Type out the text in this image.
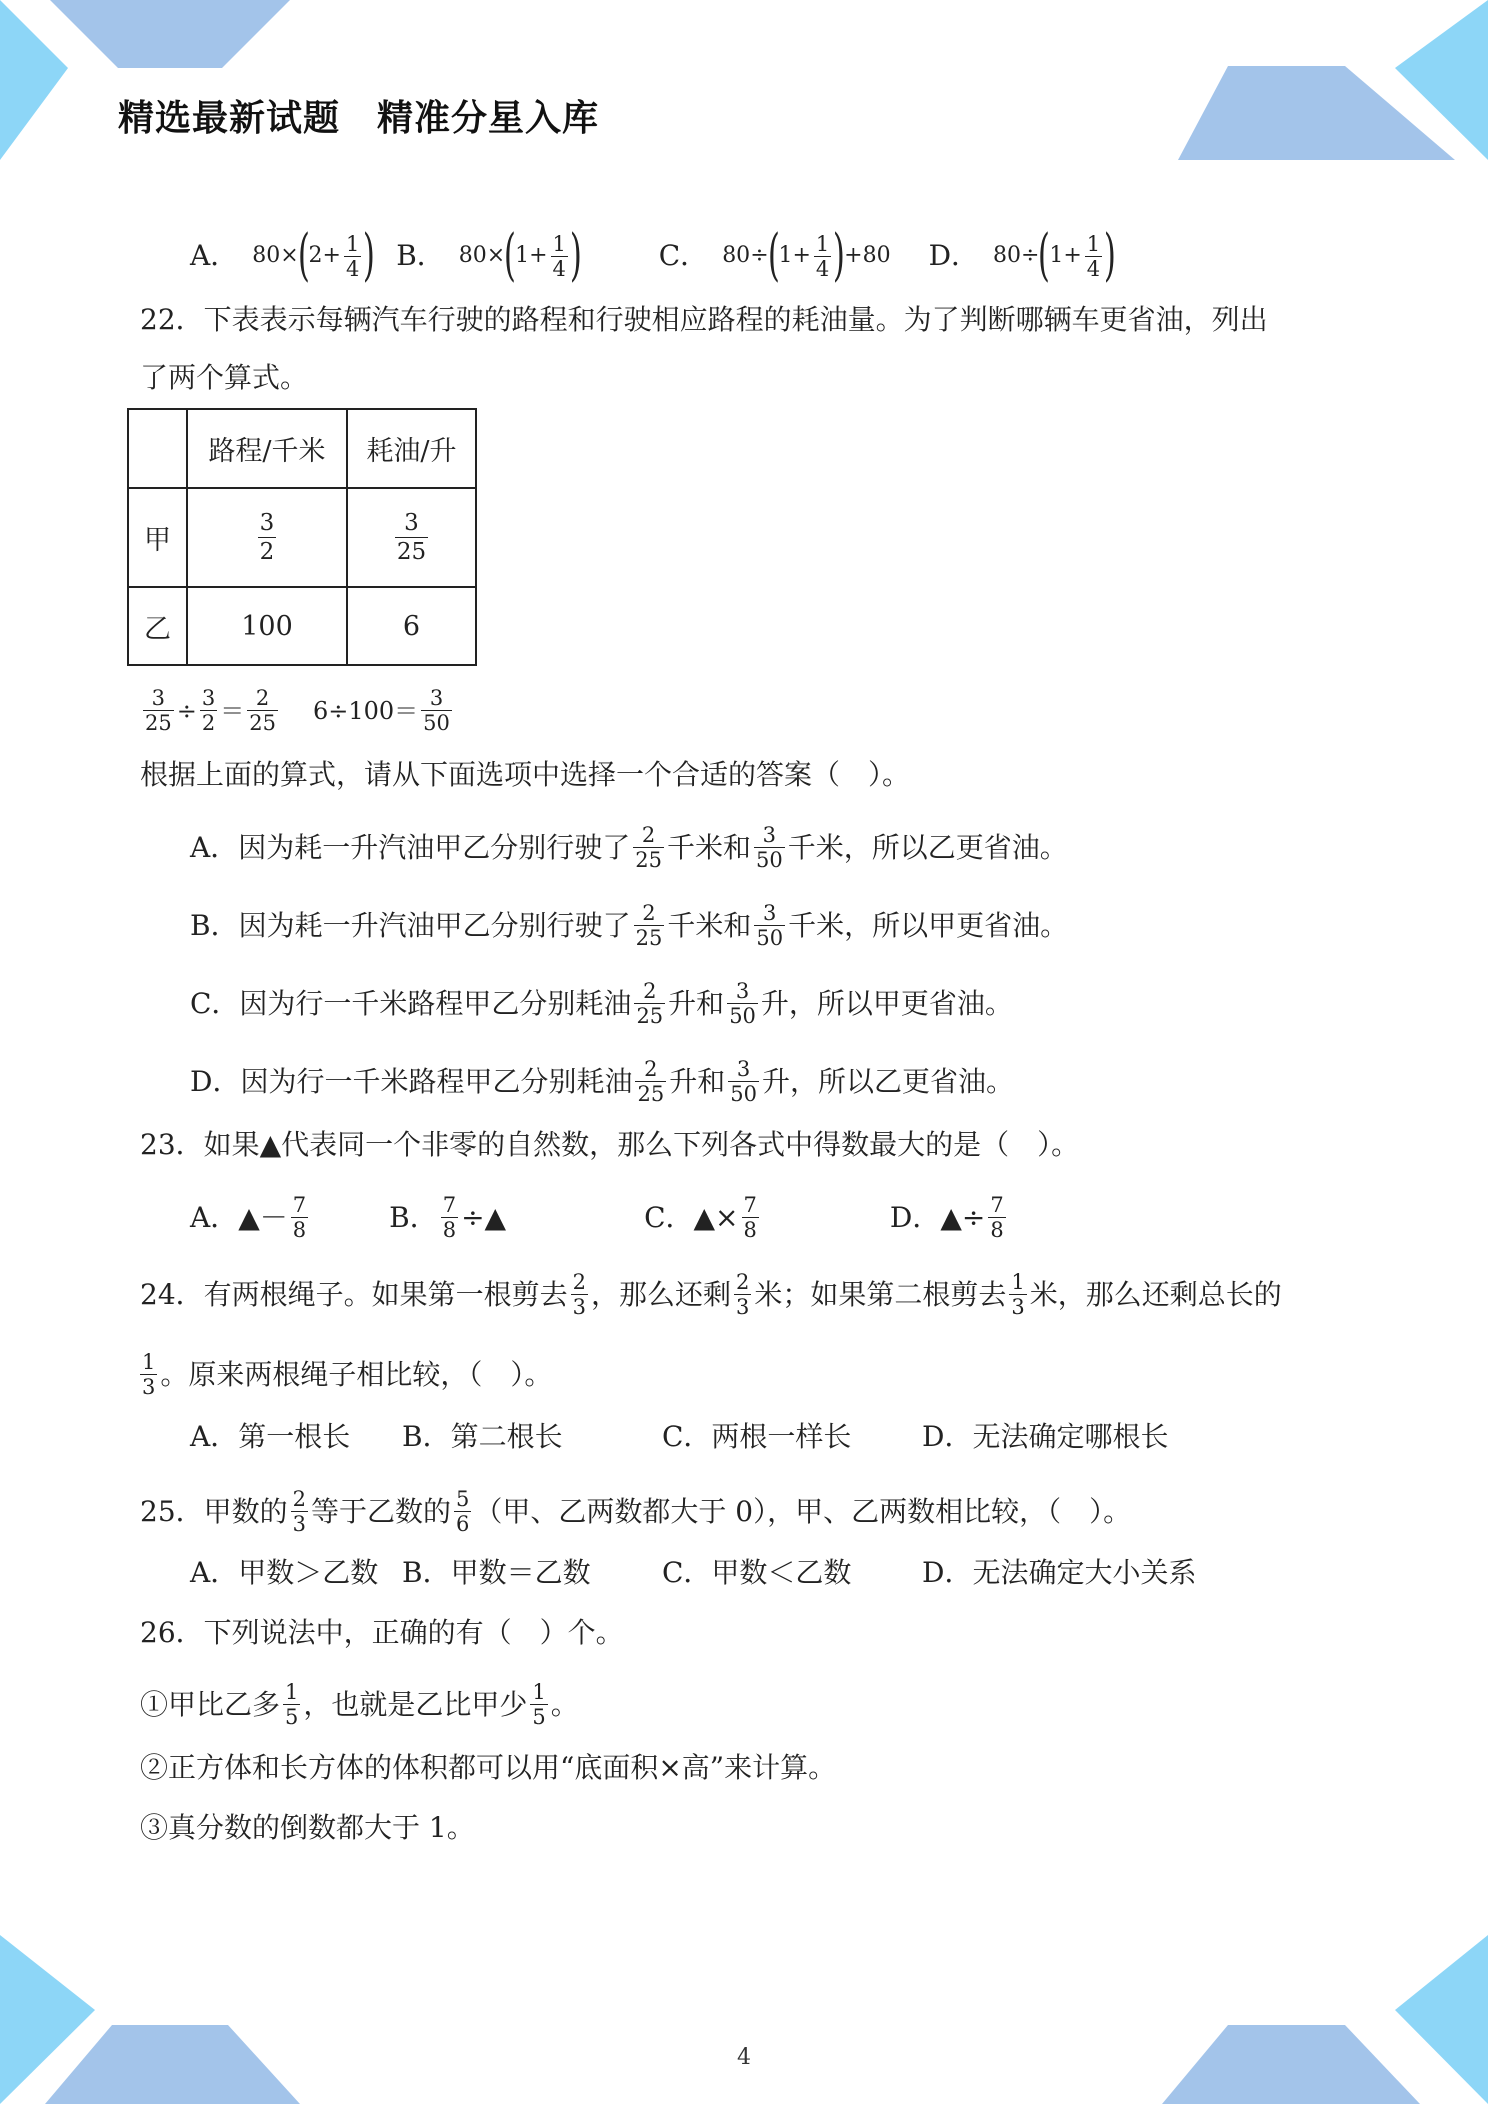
精选最新试题　精准分星入库
A． 80 ×
(
$2 + \frac{1}{4}$ ) B． 80 ×
(
$1 + \frac{1}{4}$ )	C． 80 ÷
(
$1 + \frac{1}{4}$ )
+80 D． 80 ÷
(
$1 + \frac{1}{4}$ )
22．下表表示每辆汽车行驶的路程和行驶相应路程的耗油量。为了判断哪辆车更省油，列出
了两个算式。
	路程/千米	耗油/升
甲	$\frac{3}{2}$	$\frac{3}{25}$

乙	100	6
$\frac{3}{25} \div \frac{3}{2} = \frac{2}{25} 6\div 100= \frac{3}{50}$
根据上面的算式，请从下面选项中选择一个合适的答案（　）。
A．因为耗一升汽油甲乙分别行驶了 $\frac{2}{25}$ 千米和 $\frac{3}{50}$ 千米，所以乙更省油。
B．因为耗一升汽油甲乙分别行驶了 $\frac{2}{25}$ 千米和 $\frac{3}{50}$ 千米，所以甲更省油。
C．因为行一千米路程甲乙分别耗油 $\frac{2}{25}$ 升和 $\frac{3}{50}$ 升，所以甲更省油。
D．因为行一千米路程甲乙分别耗油 $\frac{2}{25}$ 升和 $\frac{3}{50}$ 升，所以乙更省油。
23．如果▲代表同一个非零的自然数，那么下列各式中得数最大的是（　）。
A．▲－ $\frac{7}{8}$	B． $\frac{7}{8}$ ÷▲	C．▲× $\frac{7}{8}$	D．▲÷ $\frac{7}{8}$
24．有两根绳子。如果第一根剪去 $\frac{2}{3}$ ，那么还剩 $\frac{2}{3}$ 米；如果第二根剪去 $\frac{1}{3}$ 米，那么还剩总长的
$\frac{1}{3}$ 。原来两根绳子相比较，（　）。
A．第一根长	B．第二根长	C．两根一样长	D．无法确定哪根长
25．甲数的 $\frac{2}{3}$ 等于乙数的 $\frac{5}{6}$ （甲、乙两数都大于 0），甲、乙两数相比较，（　）。
A．甲数＞乙数 B．甲数＝乙数	C．甲数＜乙数	D．无法确定大小关系
26．下列说法中，正确的有（　）个。
①甲比乙多 $\frac{1}{5}$ ，也就是乙比甲少 $\frac{1}{5}$ 。
②正方体和长方体的体积都可以用“底面积×高”来计算。
③真分数的倒数都大于 1。
4
